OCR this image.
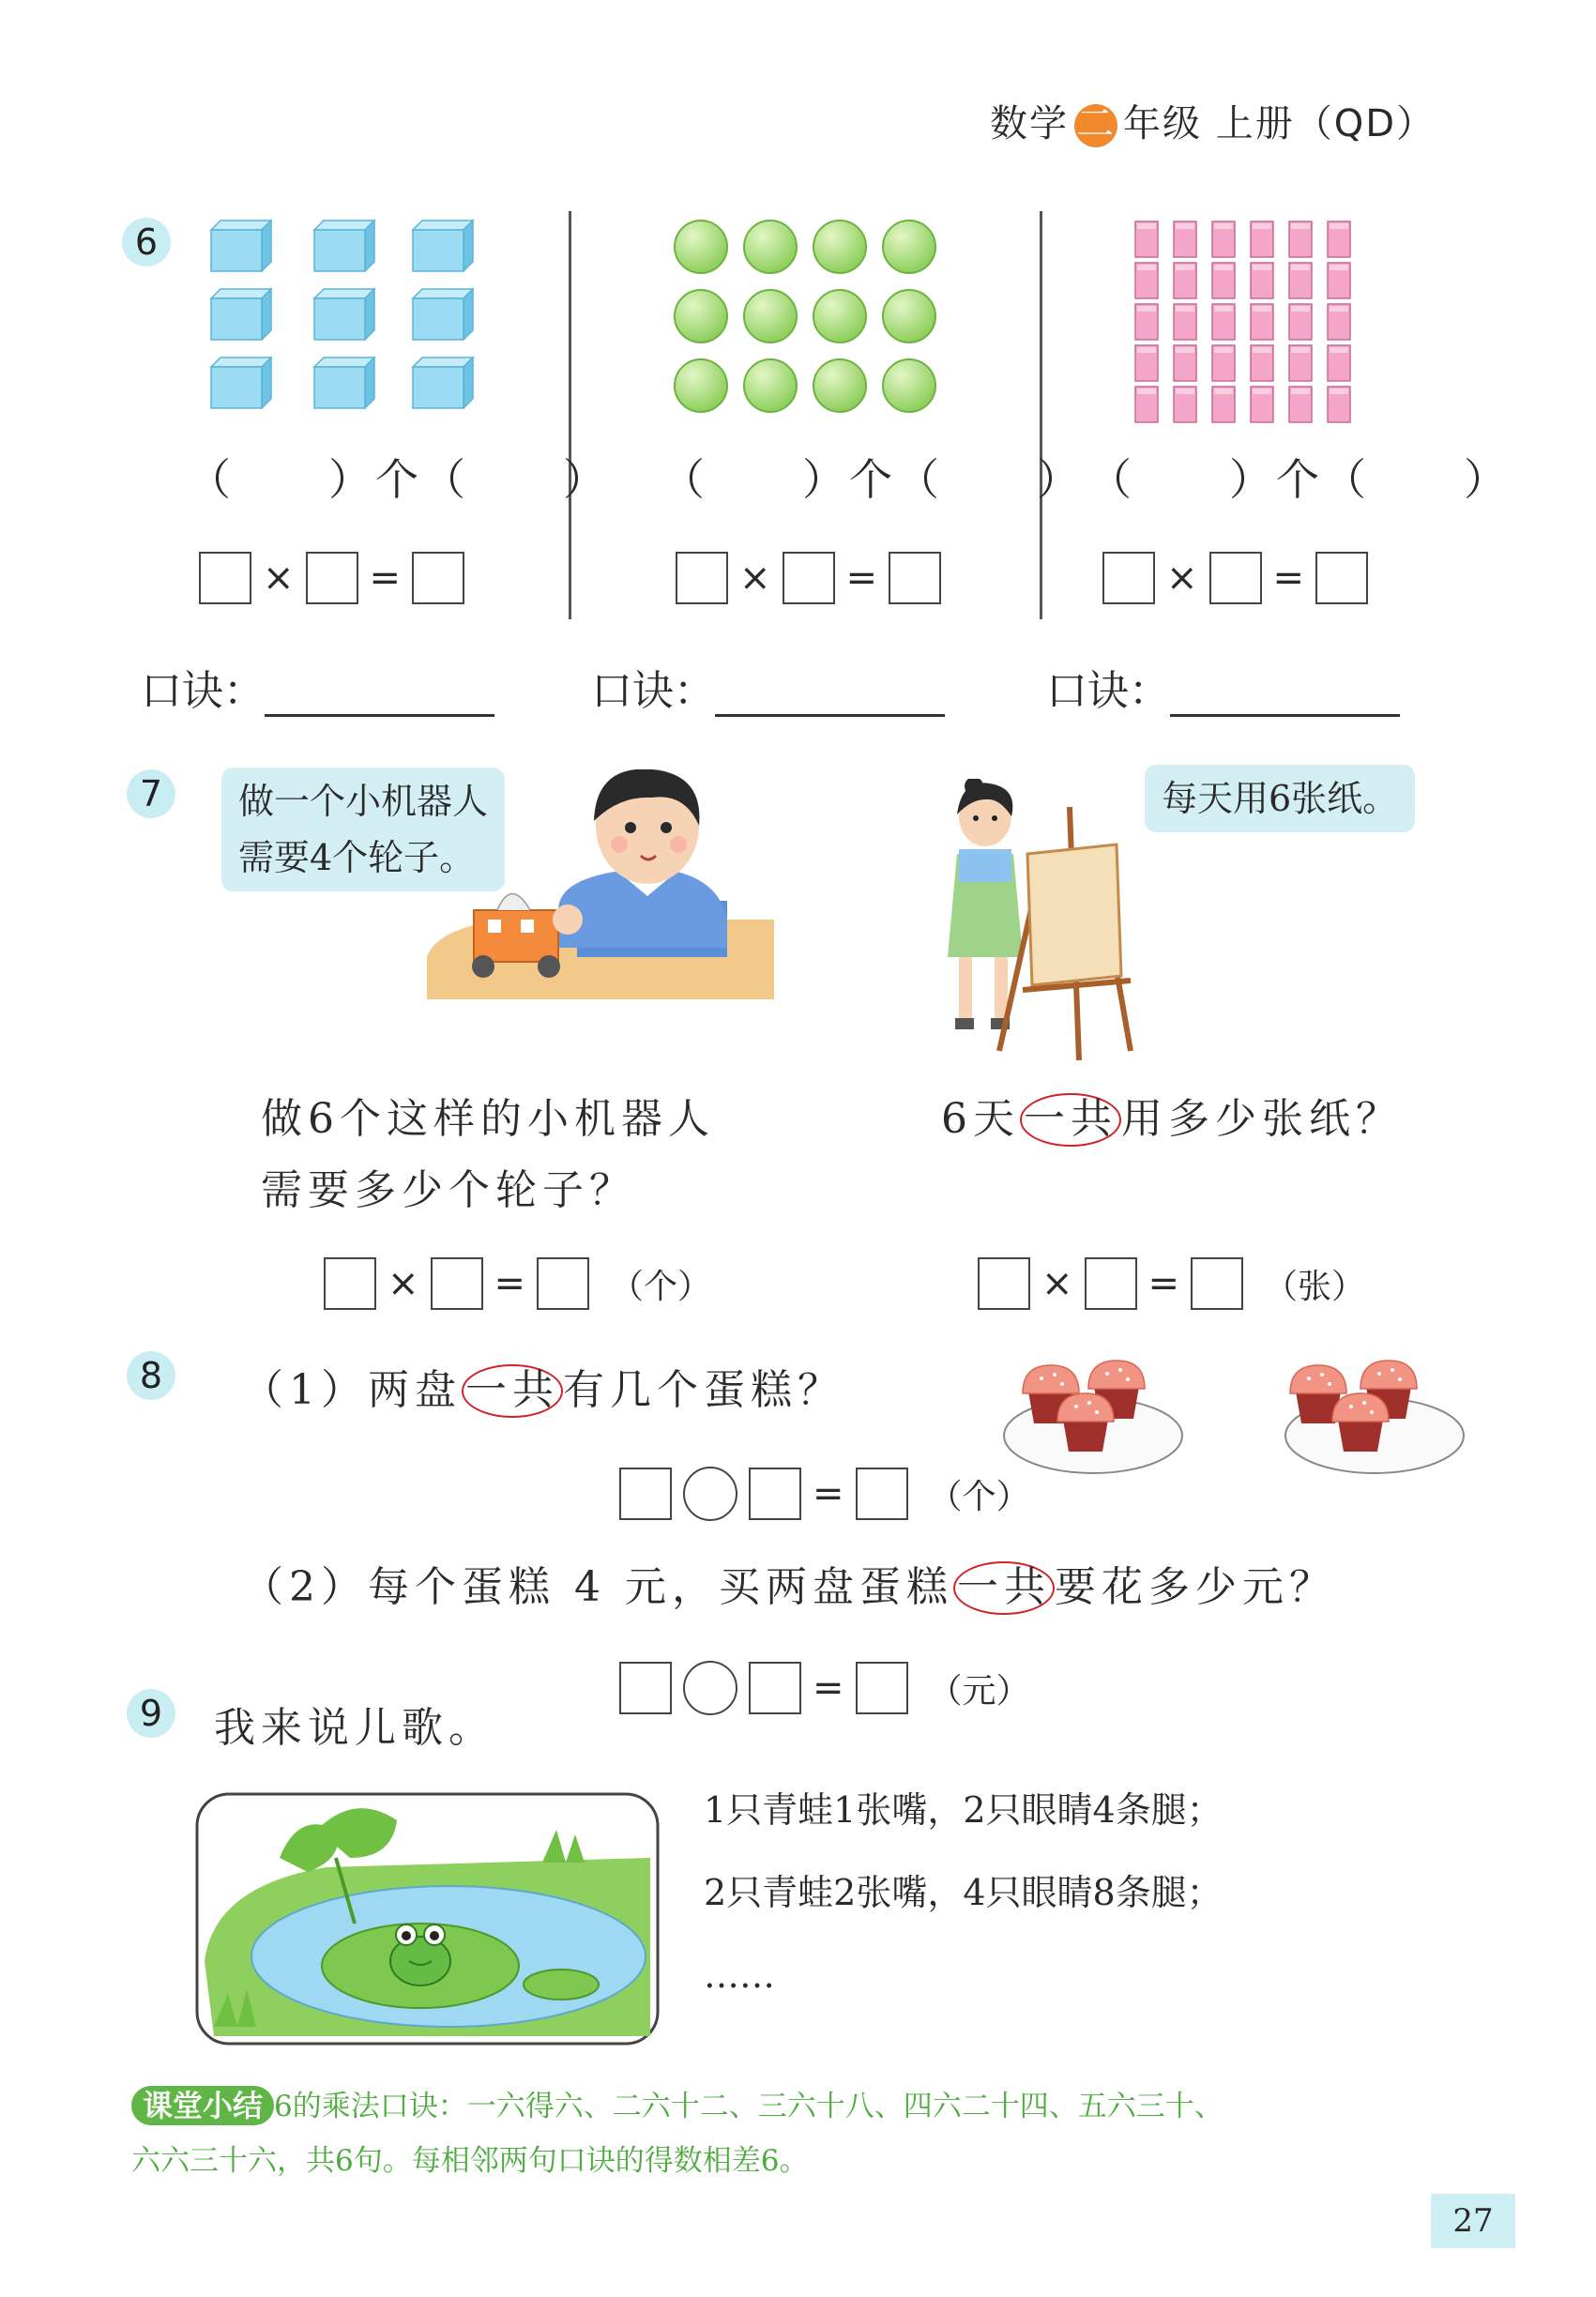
数学 二 年级 上册（QD）
6
（　　）个（　　） （　　）个（　　） （　　）个（　　）
× =	× =	× =
口诀：	口诀：	口诀：
7	做一个小机器人
需要4个轮子。
每天用6张纸。
做6个这样的小机器人
需要多少个轮子？
6天一共用多少张纸？
× =	（个）	× =	（张）
8	（1）两盘一共有几个蛋糕？
=	（个）
（2）每个蛋糕 4 元，买两盘蛋糕一共要花多少元？
=	（元）
9	我来说儿歌。
1只青蛙1张嘴，2只眼睛4条腿；
2只青蛙2张嘴，4只眼睛8条腿；
……
课堂小结 6的乘法口诀：一六得六、二六十二、三六十八、四六二十四、五六三十、
六六三十六，共6句。每相邻两句口诀的得数相差6。
27
